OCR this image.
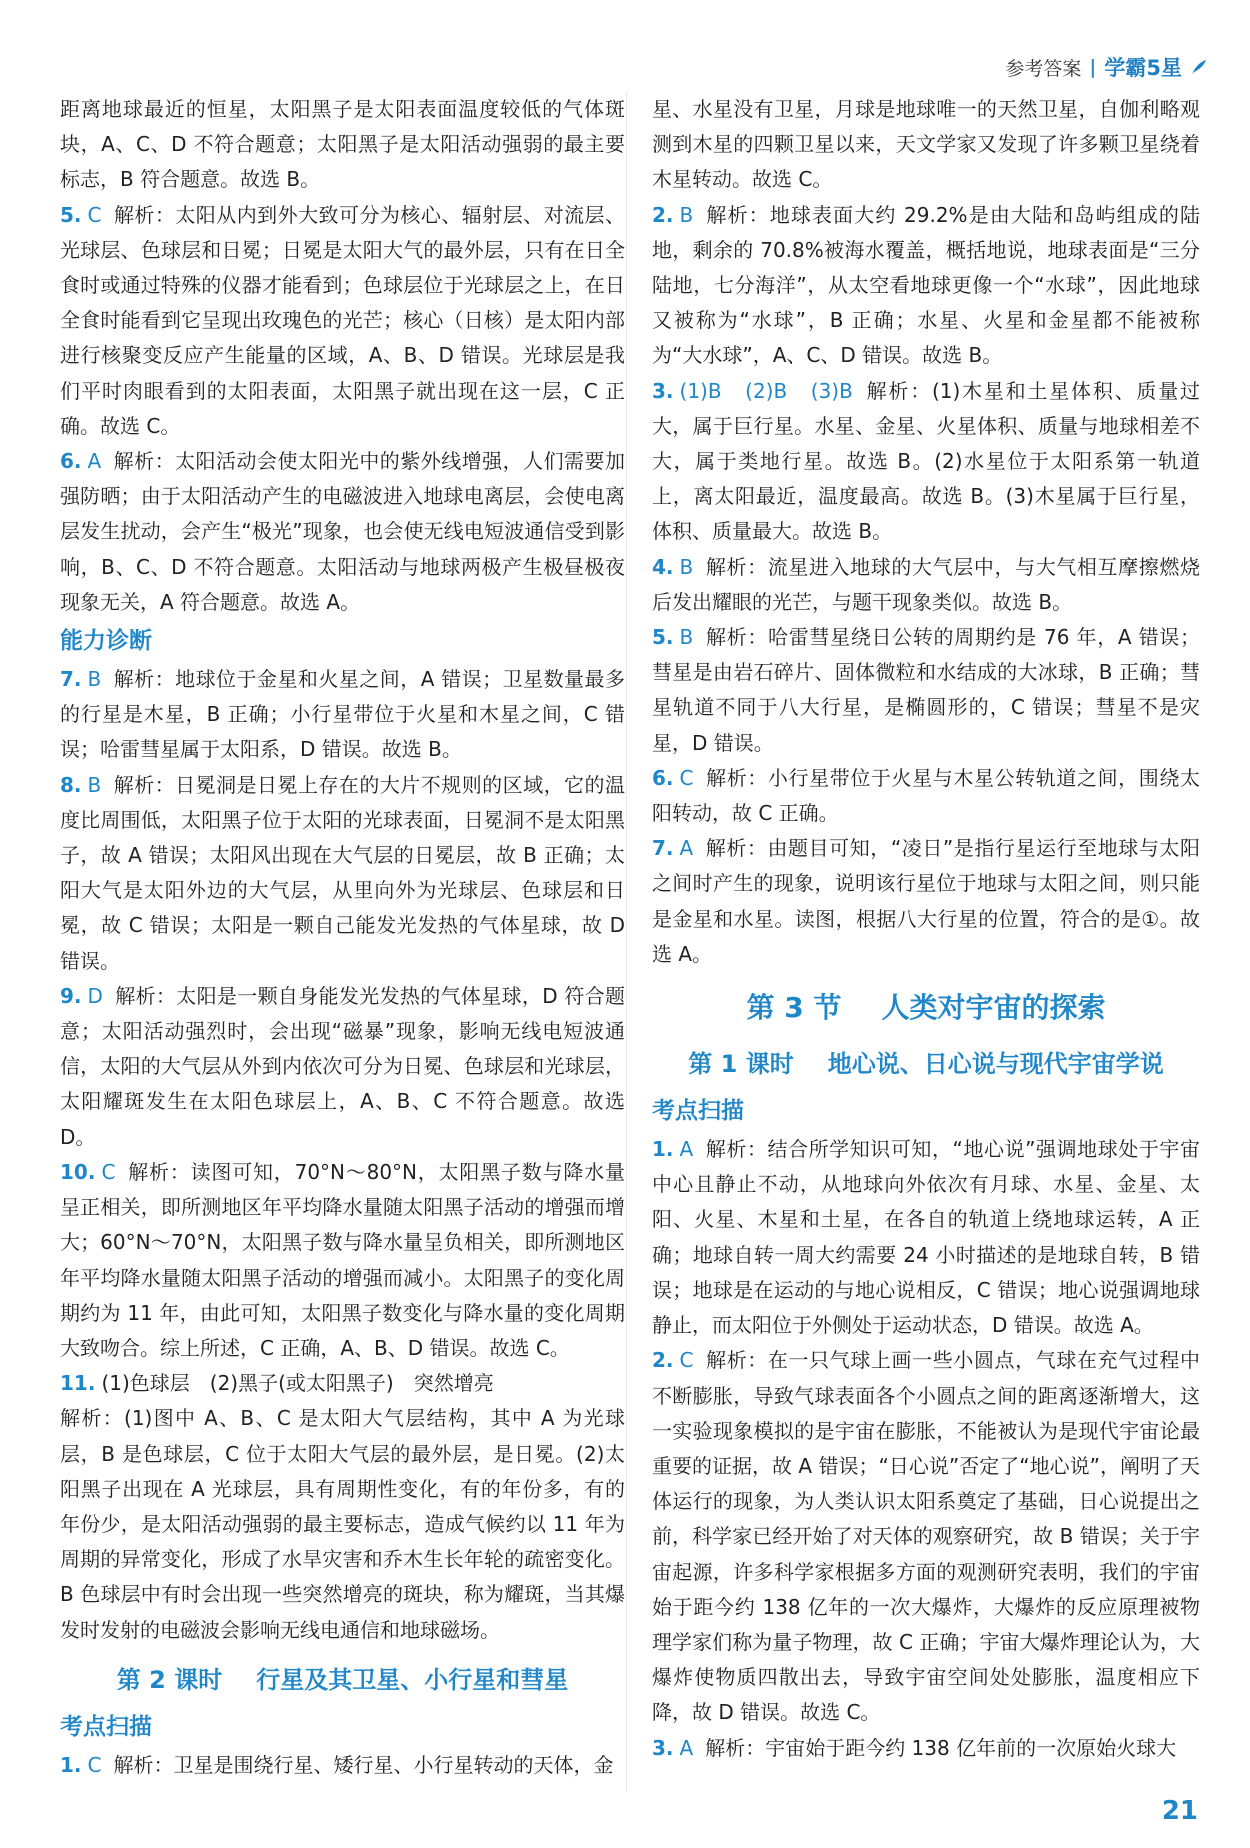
参考答案 | 学霸5星

距离地球最近的恒星，太阳黑子是太阳表面温度较低的气体斑块，A、C、D 不符合题意；太阳黑子是太阳活动强弱的最主要标志，B 符合题意。故选 B。

5. C 解析：太阳从内到外大致可分为核心、辐射层、对流层、光球层、色球层和日冕；日冕是太阳大气的最外层，只有在日全食时或通过特殊的仪器才能看到；色球层位于光球层之上，在日全食时能看到它呈现出玫瑰色的光芒；核心（日核）是太阳内部进行核聚变反应产生能量的区域，A、B、D 错误。光球层是我们平时肉眼看到的太阳表面，太阳黑子就出现在这一层，C 正确。故选 C。

6. A 解析：太阳活动会使太阳光中的紫外线增强，人们需要加强防晒；由于太阳活动产生的电磁波进入地球电离层，会使电离层发生扰动，会产生“极光”现象，也会使无线电短波通信受到影响，B、C、D 不符合题意。太阳活动与地球两极产生极昼极夜现象无关，A 符合题意。故选 A。

能力诊断

7. B 解析：地球位于金星和火星之间，A 错误；卫星数量最多的行星是木星，B 正确；小行星带位于火星和木星之间，C 错误；哈雷彗星属于太阳系，D 错误。故选 B。

8. B 解析：日冕洞是日冕上存在的大片不规则的区域，它的温度比周围低，太阳黑子位于太阳的光球表面，日冕洞不是太阳黑子，故 A 错误；太阳风出现在大气层的日冕层，故 B 正确；太阳大气是太阳外边的大气层，从里向外为光球层、色球层和日冕，故 C 错误；太阳是一颗自己能发光发热的气体星球，故 D 错误。

9. D 解析：太阳是一颗自身能发光发热的气体星球，D 符合题意；太阳活动强烈时，会出现“磁暴”现象，影响无线电短波通信，太阳的大气层从外到内依次可分为日冕、色球层和光球层，太阳耀斑发生在太阳色球层上，A、B、C 不符合题意。故选 D。

10. C 解析：读图可知，70°N～80°N，太阳黑子数与降水量呈正相关，即所测地区年平均降水量随太阳黑子活动的增强而增大；60°N～70°N，太阳黑子数与降水量呈负相关，即所测地区年平均降水量随太阳黑子活动的增强而减小。太阳黑子的变化周期约为 11 年，由此可知，太阳黑子数变化与降水量的变化周期大致吻合。综上所述，C 正确，A、B、D 错误。故选 C。

11. (1)色球层　(2)黑子(或太阳黑子)　突然增亮

解析：(1)图中 A、B、C 是太阳大气层结构，其中 A 为光球层，B 是色球层，C 位于太阳大气层的最外层，是日冕。(2)太阳黑子出现在 A 光球层，具有周期性变化，有的年份多，有的年份少，是太阳活动强弱的最主要标志，造成气候约以 11 年为周期的异常变化，形成了水旱灾害和乔木生长年轮的疏密变化。B 色球层中有时会出现一些突然增亮的斑块，称为耀斑，当其爆发时发射的电磁波会影响无线电通信和地球磁场。

第 2 课时 行星及其卫星、小行星和彗星
考点扫描

1. C 解析：卫星是围绕行星、矮行星、小行星转动的天体，金

星、水星没有卫星，月球是地球唯一的天然卫星，自伽利略观测到木星的四颗卫星以来，天文学家又发现了许多颗卫星绕着木星转动。故选 C。

2. B 解析：地球表面大约 29.2%是由大陆和岛屿组成的陆地，剩余的 70.8%被海水覆盖，概括地说，地球表面是“三分陆地，七分海洋”，从太空看地球更像一个“水球”，因此地球又被称为“水球”，B 正确；水星、火星和金星都不能被称为“大水球”，A、C、D 错误。故选 B。

3. (1)B　(2)B　(3)B 解析：(1)木星和土星体积、质量过大，属于巨行星。水星、金星、火星体积、质量与地球相差不大，属于类地行星。故选 B。(2)水星位于太阳系第一轨道上，离太阳最近，温度最高。故选 B。(3)木星属于巨行星，体积、质量最大。故选 B。

4. B 解析：流星进入地球的大气层中，与大气相互摩擦燃烧后发出耀眼的光芒，与题干现象类似。故选 B。

5. B 解析：哈雷彗星绕日公转的周期约是 76 年，A 错误；彗星是由岩石碎片、固体微粒和水结成的大冰球，B 正确；彗星轨道不同于八大行星，是椭圆形的，C 错误；彗星不是灾星，D 错误。

6. C 解析：小行星带位于火星与木星公转轨道之间，围绕太阳转动，故 C 正确。

7. A 解析：由题目可知，“凌日”是指行星运行至地球与太阳之间时产生的现象，说明该行星位于地球与太阳之间，则只能是金星和水星。读图，根据八大行星的位置，符合的是①。故选 A。

第 3 节 人类对宇宙的探索
第 1 课时 地心说、日心说与现代宇宙学说
考点扫描

1. A 解析：结合所学知识可知，“地心说”强调地球处于宇宙中心且静止不动，从地球向外依次有月球、水星、金星、太阳、火星、木星和土星，在各自的轨道上绕地球运转，A 正确；地球自转一周大约需要 24 小时描述的是地球自转，B 错误；地球是在运动的与地心说相反，C 错误；地心说强调地球静止，而太阳位于外侧处于运动状态，D 错误。故选 A。

2. C 解析：在一只气球上画一些小圆点，气球在充气过程中不断膨胀，导致气球表面各个小圆点之间的距离逐渐增大，这一实验现象模拟的是宇宙在膨胀，不能被认为是现代宇宙论最重要的证据，故 A 错误；“日心说”否定了“地心说”，阐明了天体运行的现象，为人类认识太阳系奠定了基础，日心说提出之前，科学家已经开始了对天体的观察研究，故 B 错误；关于宇宙起源，许多科学家根据多方面的观测研究表明，我们的宇宙始于距今约 138 亿年的一次大爆炸，大爆炸的反应原理被物理学家们称为量子物理，故 C 正确；宇宙大爆炸理论认为，大爆炸使物质四散出去，导致宇宙空间处处膨胀，温度相应下降，故 D 错误。故选 C。

3. A 解析：宇宙始于距今约 138 亿年前的一次原始火球大

21
